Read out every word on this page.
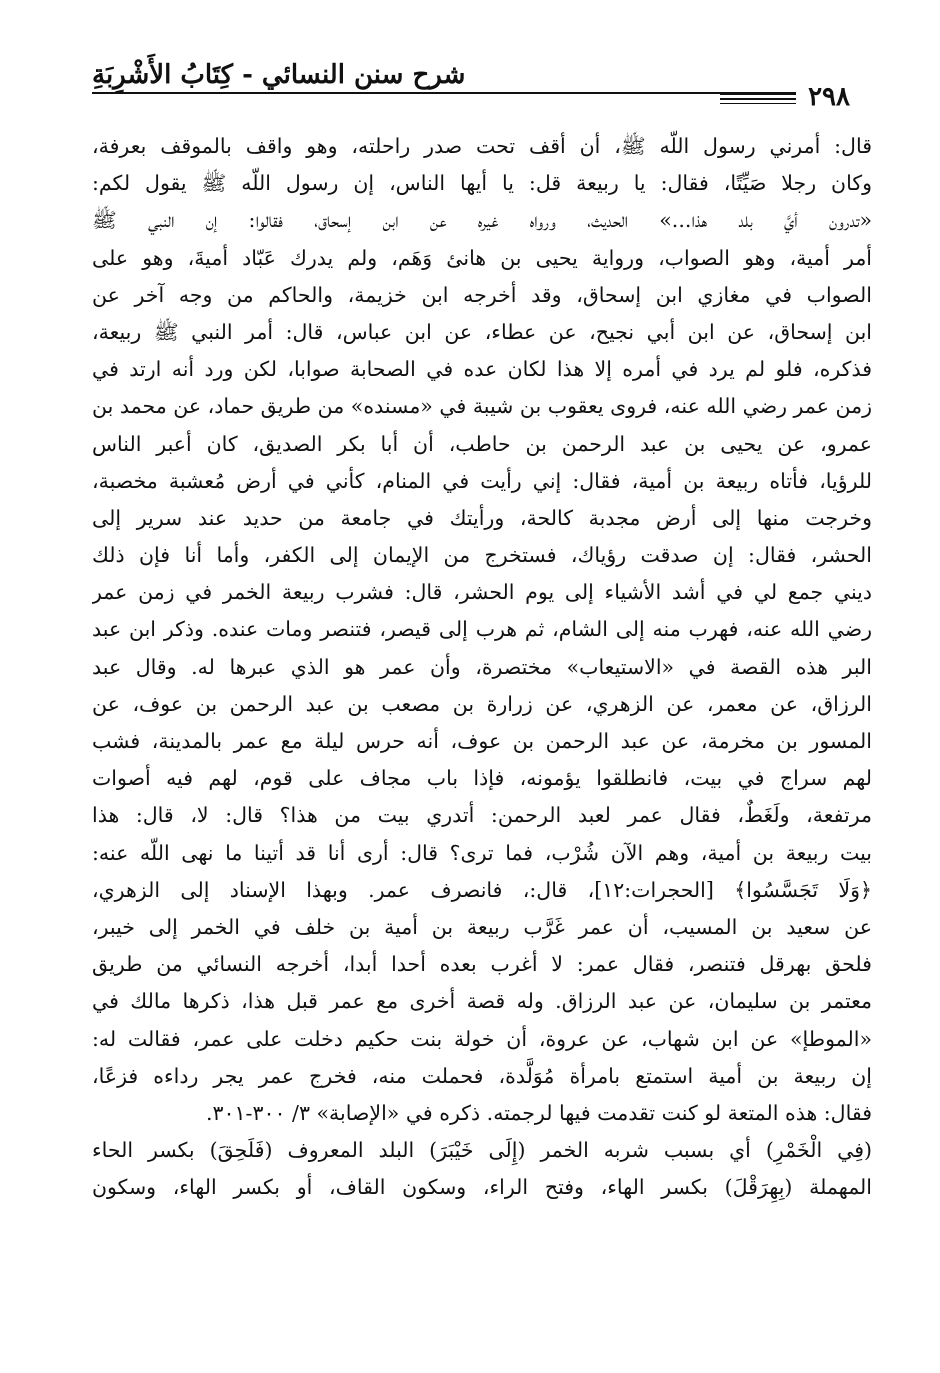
شرح سنن النسائي - كِتَابُ الأَشْرِبَةِ
٢٩٨
قال: أمرني رسول اللّه ﷺ، أن أقف تحت صدر راحلته، وهو واقف بالموقف بعرفة،
وكان رجلا صَيِّتًا، فقال: يا ربيعة قل: يا أيها الناس، إن رسول اللّه ﷺ يقول لكم:
«تدرون أيَّ بلد هذا...» الحديث، ورواه غيره عن ابن إسحاق، فقالوا: إن النبي ﷺ
أمر أمية، وهو الصواب، ورواية يحيى بن هانئ وَهَم، ولم يدرك عَبّاد أميةَ، وهو على
الصواب في مغازي ابن إسحاق، وقد أخرجه ابن خزيمة، والحاكم من وجه آخر عن
ابن إسحاق، عن ابن أبي نجيح، عن عطاء، عن ابن عباس، قال: أمر النبي ﷺ ربيعة،
فذكره، فلو لم يرد في أمره إلا هذا لكان عده في الصحابة صوابا، لكن ورد أنه ارتد في
زمن عمر رضي الله عنه، فروى يعقوب بن شيبة في «مسنده» من طريق حماد، عن محمد بن
عمرو، عن يحيى بن عبد الرحمن بن حاطب، أن أبا بكر الصديق، كان أعبر الناس
للرؤيا، فأتاه ربيعة بن أمية، فقال: إني رأيت في المنام، كأني في أرض مُعشبة مخصبة،
وخرجت منها إلى أرض مجدبة كالحة، ورأيتك في جامعة من حديد عند سرير إلى
الحشر، فقال: إن صدقت رؤياك، فستخرج من الإيمان إلى الكفر، وأما أنا فإن ذلك
ديني جمع لي في أشد الأشياء إلى يوم الحشر، قال: فشرب ربيعة الخمر في زمن عمر
رضي الله عنه، فهرب منه إلى الشام، ثم هرب إلى قيصر، فتنصر ومات عنده. وذكر ابن عبد
البر هذه القصة في «الاستيعاب» مختصرة، وأن عمر هو الذي عبرها له. وقال عبد
الرزاق، عن معمر، عن الزهري، عن زرارة بن مصعب بن عبد الرحمن بن عوف، عن
المسور بن مخرمة، عن عبد الرحمن بن عوف، أنه حرس ليلة مع عمر بالمدينة، فشب
لهم سراج في بيت، فانطلقوا يؤمونه، فإذا باب مجاف على قوم، لهم فيه أصوات
مرتفعة، ولَغَطٌ، فقال عمر لعبد الرحمن: أتدري بيت من هذا؟ قال: لا، قال: هذا
بيت ربيعة بن أمية، وهم الآن شُرْب، فما ترى؟ قال: أرى أنا قد أتينا ما نهى اللّه عنه:
﴿وَلَا تَجَسَّسُوا﴾ [الحجرات:١٢]، قال:، فانصرف عمر. وبهذا الإسناد إلى الزهري،
عن سعيد بن المسيب، أن عمر غَرَّب ربيعة بن أمية بن خلف في الخمر إلى خيبر،
فلحق بهرقل فتنصر، فقال عمر: لا أغرب بعده أحدا أبدا، أخرجه النسائي من طريق
معتمر بن سليمان، عن عبد الرزاق. وله قصة أخرى مع عمر قبل هذا، ذكرها مالك في
«الموطإ» عن ابن شهاب، عن عروة، أن خولة بنت حكيم دخلت على عمر، فقالت له:
إن ربيعة بن أمية استمتع بامرأة مُوَلَّدة، فحملت منه، فخرج عمر يجر رداءه فزعًا،
فقال: هذه المتعة لو كنت تقدمت فيها لرجمته. ذكره في «الإصابة» ٣/ ٣٠٠-٣٠١.
(فِي الْخَمْرِ) أي بسبب شربه الخمر (إِلَى خَيْبَرَ) البلد المعروف (فَلَحِقَ) بكسر الحاء
المهملة (بِهِرَقْلَ) بكسر الهاء، وفتح الراء، وسكون القاف، أو بكسر الهاء، وسكون
